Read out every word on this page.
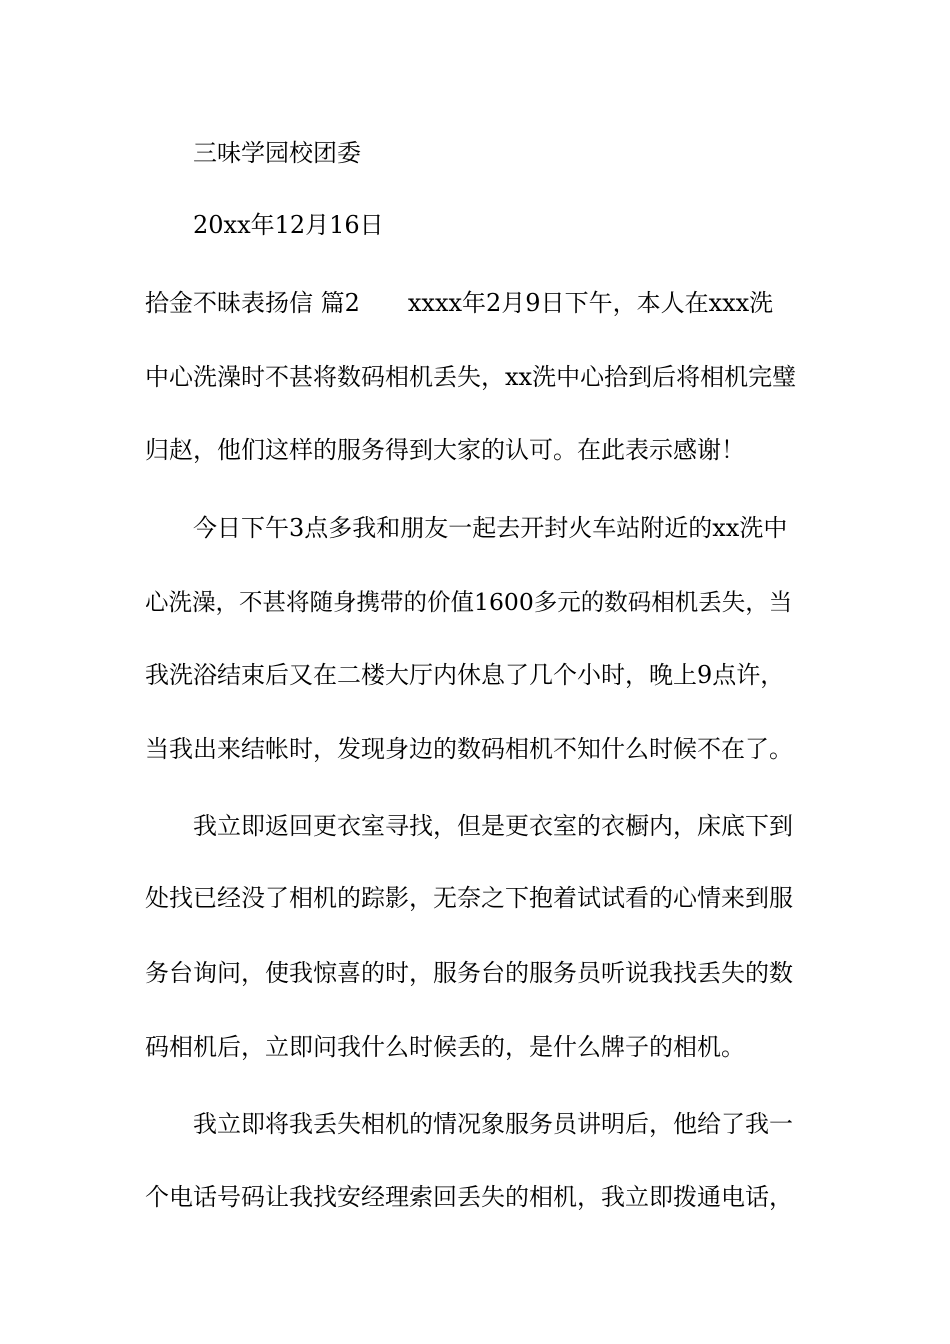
三味学园校团委

20xx年12月16日

拾金不昧表扬信 篇2　　xxxx年2月9日下午，本人在xxx洗

中心洗澡时不甚将数码相机丢失，xx洗中心拾到后将相机完璧

归赵，他们这样的服务得到大家的认可。在此表示感谢！

今日下午3点多我和朋友一起去开封火车站附近的xx洗中

心洗澡，不甚将随身携带的价值1600多元的数码相机丢失，当

我洗浴结束后又在二楼大厅内休息了几个小时，晚上9点许，

当我出来结帐时，发现身边的数码相机不知什么时候不在了。

我立即返回更衣室寻找，但是更衣室的衣橱内，床底下到

处找已经没了相机的踪影，无奈之下抱着试试看的心情来到服

务台询问，使我惊喜的时，服务台的服务员听说我找丢失的数

码相机后，立即问我什么时候丢的，是什么牌子的相机。

我立即将我丢失相机的情况象服务员讲明后，他给了我一

个电话号码让我找安经理索回丢失的相机，我立即拨通电话，
